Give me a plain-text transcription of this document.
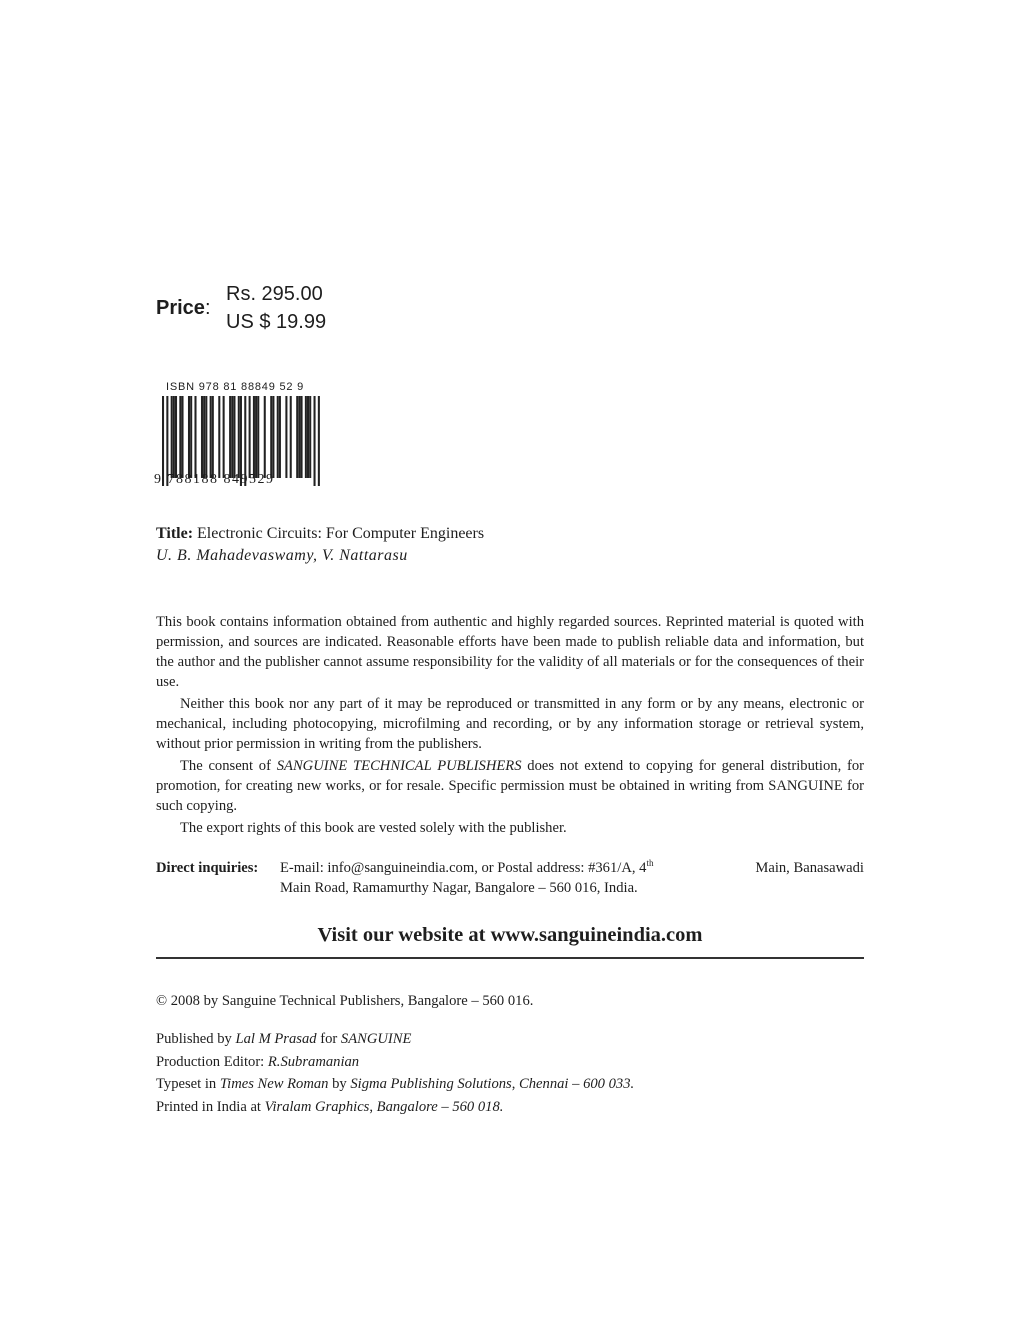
Price:
Rs. 295.00
US $ 19.99
ISBN 978 81 88849 52 9
9 788188 849529
Title: Electronic Circuits: For Computer Engineers
U. B. Mahadevaswamy, V. Nattarasu

This book contains information obtained from authentic and highly regarded sources. Reprinted material is quoted with permission, and sources are indicated. Reasonable efforts have been made to publish reliable data and information, but the author and the publisher cannot assume responsibility for the validity of all materials or for the consequences of their use.

Neither this book nor any part of it may be reproduced or transmitted in any form or by any means, electronic or mechanical, including photocopying, microfilming and recording, or by any information storage or retrieval system, without prior permission in writing from the publishers.

The consent of SANGUINE TECHNICAL PUBLISHERS does not extend to copying for general distribution, for promotion, for creating new works, or for resale. Specific permission must be obtained in writing from SANGUINE for such copying.

The export rights of this book are vested solely with the publisher.

Direct inquiries: E-mail: info@sanguineindia.com, or Postal address: #361/A, 4th	Main, Banasawadi
Main Road, Ramamurthy Nagar, Bangalore – 560 016, India.
Visit our website at www.sanguineindia.com
© 2008 by Sanguine Technical Publishers, Bangalore – 560 016.
Published by Lal M Prasad for SANGUINE
Production Editor: R.Subramanian
Typeset in Times New Roman by Sigma Publishing Solutions, Chennai – 600 033.
Printed in India at Viralam Graphics, Bangalore – 560 018.
